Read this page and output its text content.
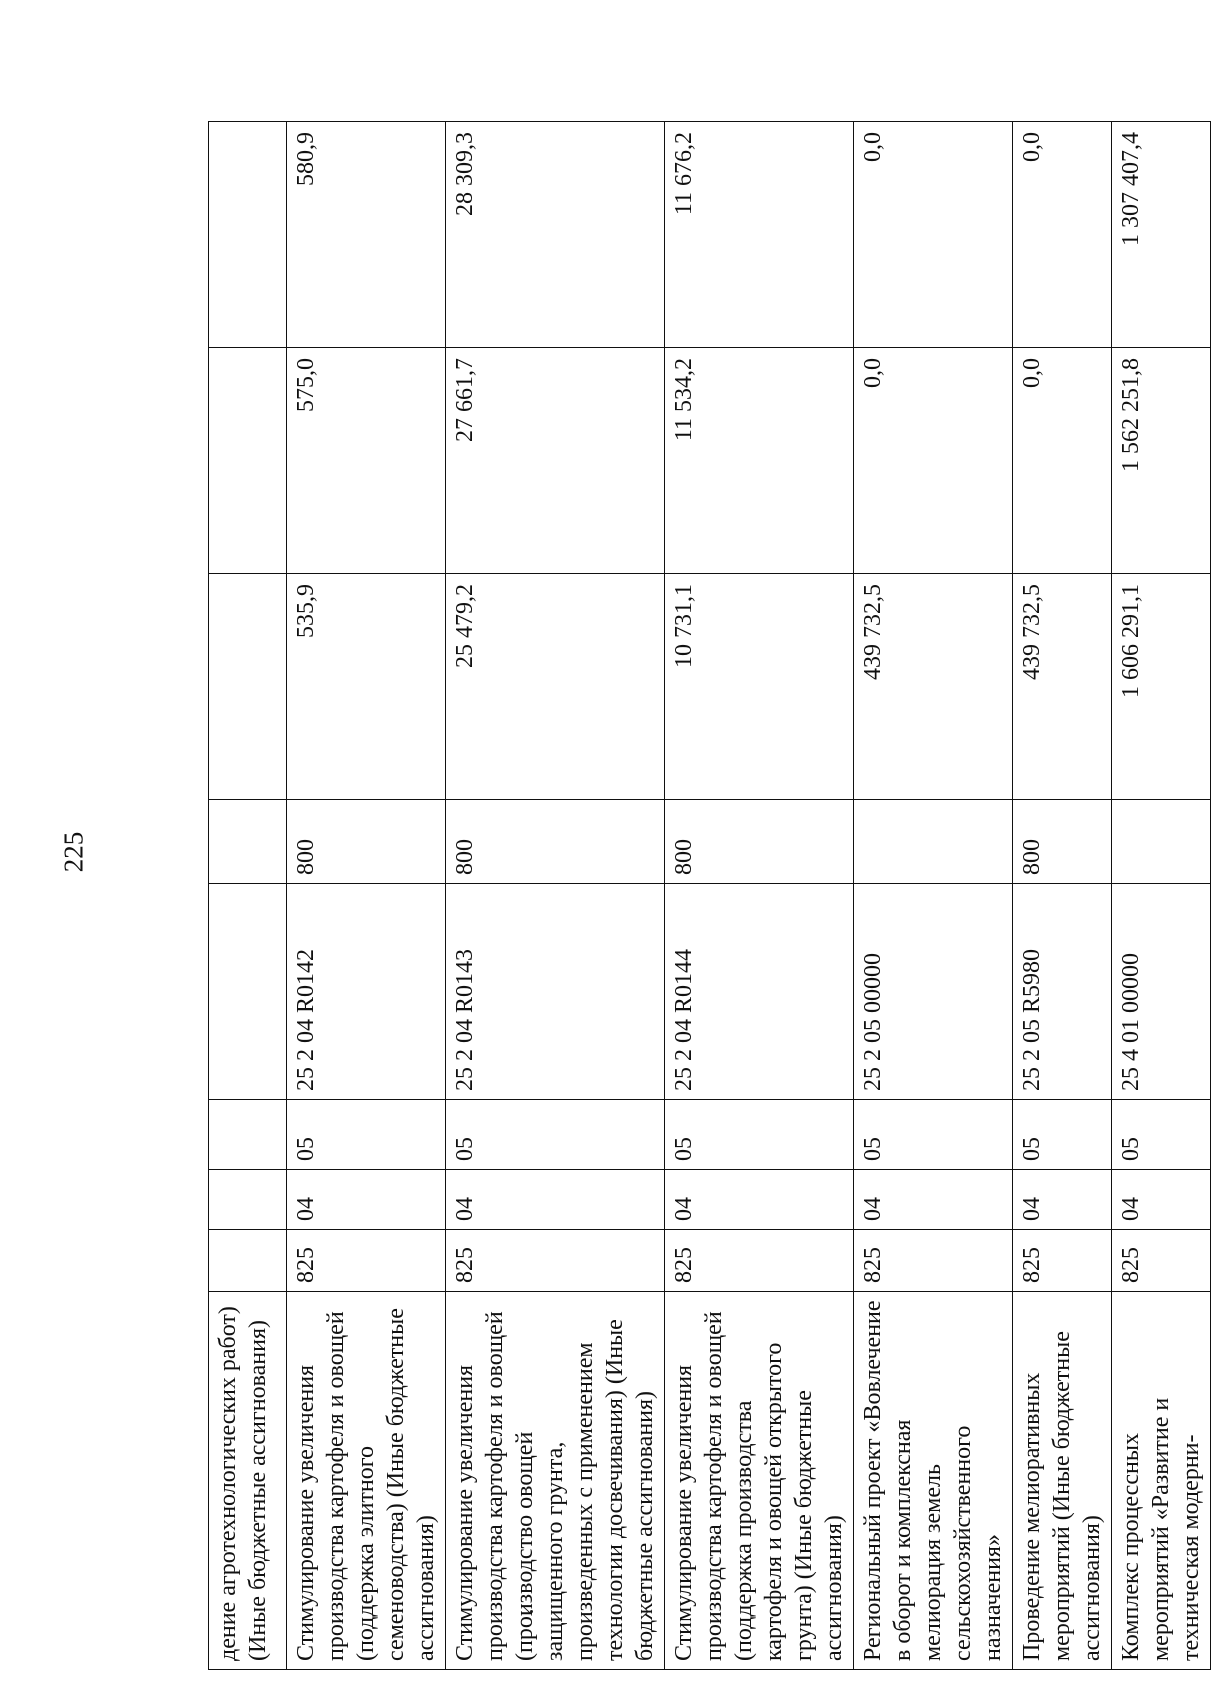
225
дение агротехнологических работ) (Иные бюджетные ассигнования)								
Стимулирование увеличения производства картофеля и овощей (поддержка элитного семеноводства) (Иные бюджетные ассигнования)	825	04	05	25 2 04 R0142	800	535,9	575,0	580,9
Стимулирование увеличения производства картофеля и овощей (производство овощей защищенного грунта, произведенных с применением технологии досвечивания) (Иные бюджетные ассигнования)	825	04	05	25 2 04 R0143	800	25 479,2	27 661,7	28 309,3
Стимулирование увеличения производства картофеля и овощей (поддержка производства картофеля и овощей открытого грунта) (Иные бюджетные ассигнования)	825	04	05	25 2 04 R0144	800	10 731,1	11 534,2	11 676,2
Региональный проект «Вовлечение в оборот и комплексная мелиорация земель сельскохозяйственного назначения»	825	04	05	25 2 05 00000		439 732,5	0,0	0,0
Проведение мелиоративных мероприятий (Иные бюджетные ассигнования)	825	04	05	25 2 05 R5980	800	439 732,5	0,0	0,0
Комплекс процессных мероприятий «Развитие и техническая модерни-	825	04	05	25 4 01 00000		1 606 291,1	1 562 251,8	1 307 407,4
